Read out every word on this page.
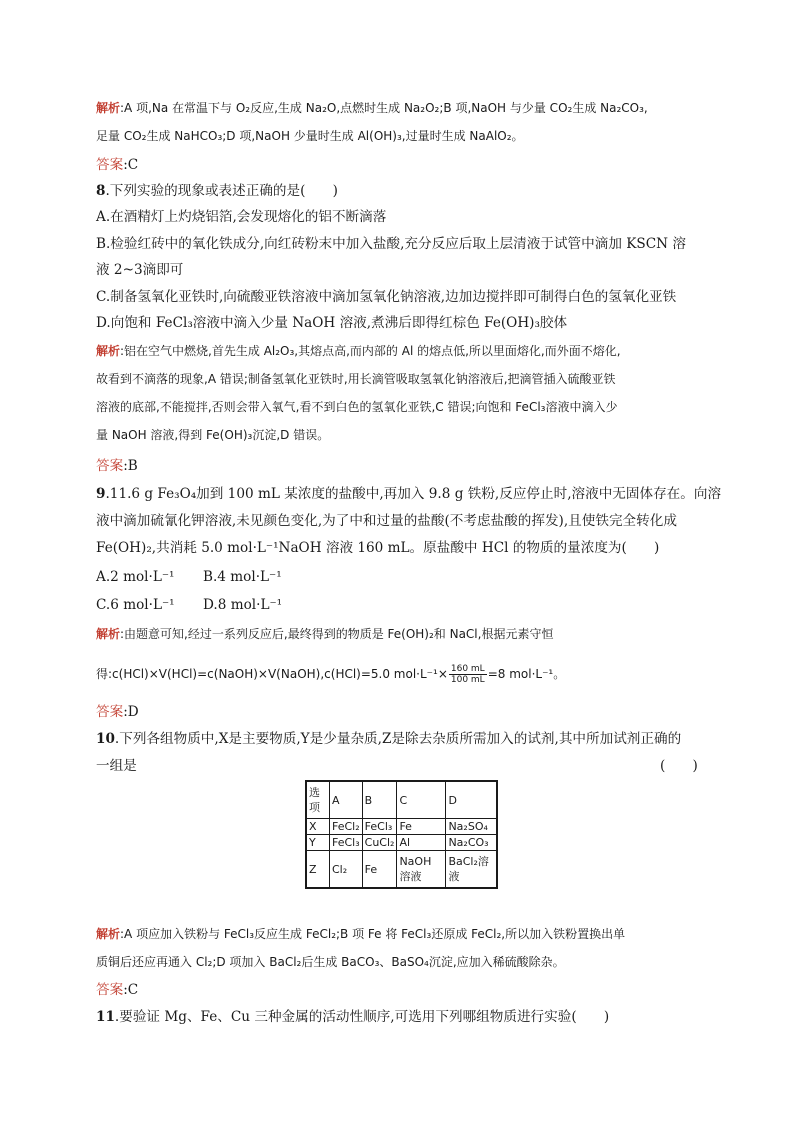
解析:A 项,Na 在常温下与 O₂反应,生成 Na₂O,点燃时生成 Na₂O₂;B 项,NaOH 与少量 CO₂生成 Na₂CO₃,
足量 CO₂生成 NaHCO₃;D 项,NaOH 少量时生成 Al(OH)₃,过量时生成 NaAlO₂。
答案:C
8.下列实验的现象或表述正确的是(　　)
A.在酒精灯上灼烧铝箔,会发现熔化的铝不断滴落
B.检验红砖中的氧化铁成分,向红砖粉末中加入盐酸,充分反应后取上层清液于试管中滴加 KSCN 溶
液 2~3滴即可
C.制备氢氧化亚铁时,向硫酸亚铁溶液中滴加氢氧化钠溶液,边加边搅拌即可制得白色的氢氧化亚铁
D.向饱和 FeCl₃溶液中滴入少量 NaOH 溶液,煮沸后即得红棕色 Fe(OH)₃胶体
解析:铝在空气中燃烧,首先生成 Al₂O₃,其熔点高,而内部的 Al 的熔点低,所以里面熔化,而外面不熔化,
故看到不滴落的现象,A 错误;制备氢氧化亚铁时,用长滴管吸取氢氧化钠溶液后,把滴管插入硫酸亚铁
溶液的底部,不能搅拌,否则会带入氧气,看不到白色的氢氧化亚铁,C 错误;向饱和 FeCl₃溶液中滴入少
量 NaOH 溶液,得到 Fe(OH)₃沉淀,D 错误。
答案:B
9.11.6 g Fe₃O₄加到 100 mL 某浓度的盐酸中,再加入 9.8 g 铁粉,反应停止时,溶液中无固体存在。向溶
液中滴加硫氰化钾溶液,未见颜色变化,为了中和过量的盐酸(不考虑盐酸的挥发),且使铁完全转化成
Fe(OH)₂,共消耗 5.0 mol·L⁻¹NaOH 溶液 160 mL。原盐酸中 HCl 的物质的量浓度为(　　)
A.2 mol·L⁻¹	B.4 mol·L⁻¹
C.6 mol·L⁻¹	D.8 mol·L⁻¹
解析:由题意可知,经过一系列反应后,最终得到的物质是 Fe(OH)₂和 NaCl,根据元素守恒
得:c(HCl)×V(HCl)=c(NaOH)×V(NaOH),c(HCl)=5.0 $mol\cdot L^{-1}\times \frac{160 mL}{100 mL} =8$ mol·L⁻¹。
答案:D
10.下列各组物质中,X是主要物质,Y是少量杂质,Z是除去杂质所需加入的试剂,其中所加试剂正确的
一组是	(　　)
选项	A	B	C	D
X	FeCl₂	FeCl₃	Fe	Na₂SO₄
Y	FeCl₃	CuCl₂	Al	Na₂CO₃
Z	Cl₂	Fe	NaOH 溶液	BaCl₂溶液
解析:A 项应加入铁粉与 FeCl₃反应生成 FeCl₂;B 项 Fe 将 FeCl₃还原成 FeCl₂,所以加入铁粉置换出单
质铜后还应再通入 Cl₂;D 项加入 BaCl₂后生成 BaCO₃、BaSO₄沉淀,应加入稀硫酸除杂。
答案:C
11.要验证 Mg、Fe、Cu 三种金属的活动性顺序,可选用下列哪组物质进行实验(　　)
